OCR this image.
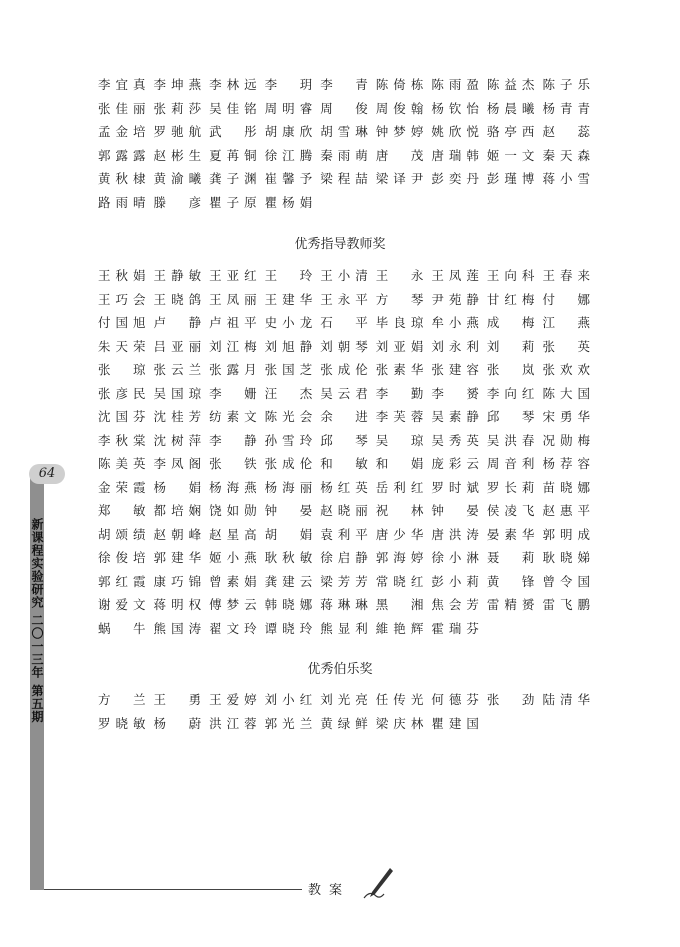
李宜真 李坤燕 李林远 李玥 李青 陈倚栋 陈雨盈 陈益杰 陈子乐
张佳丽 张莉莎 吴佳铭 周明睿 周俊 周俊翰 杨钦怡 杨晨曦 杨青青
孟金培 罗驰航 武彤 胡康欣 胡雪琳 钟梦婷 姚欣悦 骆亭西 赵蕊
郭露露 赵彬生 夏苒铜 徐江腾 秦雨萌 唐茂 唐瑞韩 姬一文 秦天森
黄秋棣 黄渝曦 龚子渊 崔馨予 梁程喆 梁译尹 彭奕丹 彭瑾博 蒋小雪
路雨晴 滕彦 瞿子原 瞿杨娟
优秀指导教师奖
王秋娟 王静敏 王亚红 王玲 王小清 王永 王凤莲 王向科 王春来
王巧会 王晓鸽 王凤丽 王建华 王永平 方琴 尹苑静 甘红梅 付娜
付国旭 卢静 卢祖平 史小龙 石平 毕良琼 牟小燕 成梅 江燕
朱天荣 吕亚丽 刘江梅 刘旭静 刘朝琴 刘亚娟 刘永利 刘莉 张英
张琼 张云兰 张露月 张国芝 张成伦 张素华 张建容 张岚 张欢欢
张彦民 吴国琼 李姗 汪杰 吴云君 李勤 李赟 李向红 陈大国
沈国芬 沈桂芳 纺素文 陈光会 余进 李芙蓉 吴素静 邱琴 宋勇华
李秋棠 沈树萍 李静 孙雪玲 邱琴 吴琼 吴秀英 吴洪春 况勋梅
陈美英 李凤阁 张铁 张成伦 和敏 和娟 庞彩云 周音利 杨荐容
金荣霞 杨娟 杨海燕 杨海丽 杨红英 岳利红 罗时斌 罗长莉 苗晓娜
郑敏 都培娴 饶如勋 钟晏 赵晓丽 祝林 钟晏 侯凌飞 赵惠平
胡颂绩 赵朝峰 赵星高 胡娟 袁利平 唐少华 唐洪涛 晏素华 郭明成
徐俊培 郭建华 姬小燕 耿秋敏 徐启静 郭海婷 徐小淋 聂莉 耿晓娣
郭红霞 康巧锦 曾素娟 龚建云 梁芳芳 常晓红 彭小莉 黄锋 曾令国
谢爱文 蒋明权 傅梦云 韩晓娜 蒋琳琳 黑湘 焦会芳 雷精赟 雷飞鹏
蜗牛 熊国涛 翟文玲 谭晓玲 熊显利 維艳辉 霍瑞芬
优秀伯乐奖
方兰 王勇 王爱婷 刘小红 刘光亮 任传光 何德芬 张劲 陆清华
罗晓敏 杨蔚 洪江蓉 郭光兰 黄绿鲜 梁庆林 瞿建国
64
新课程实验研究 二〇一三年 第五期
教案
